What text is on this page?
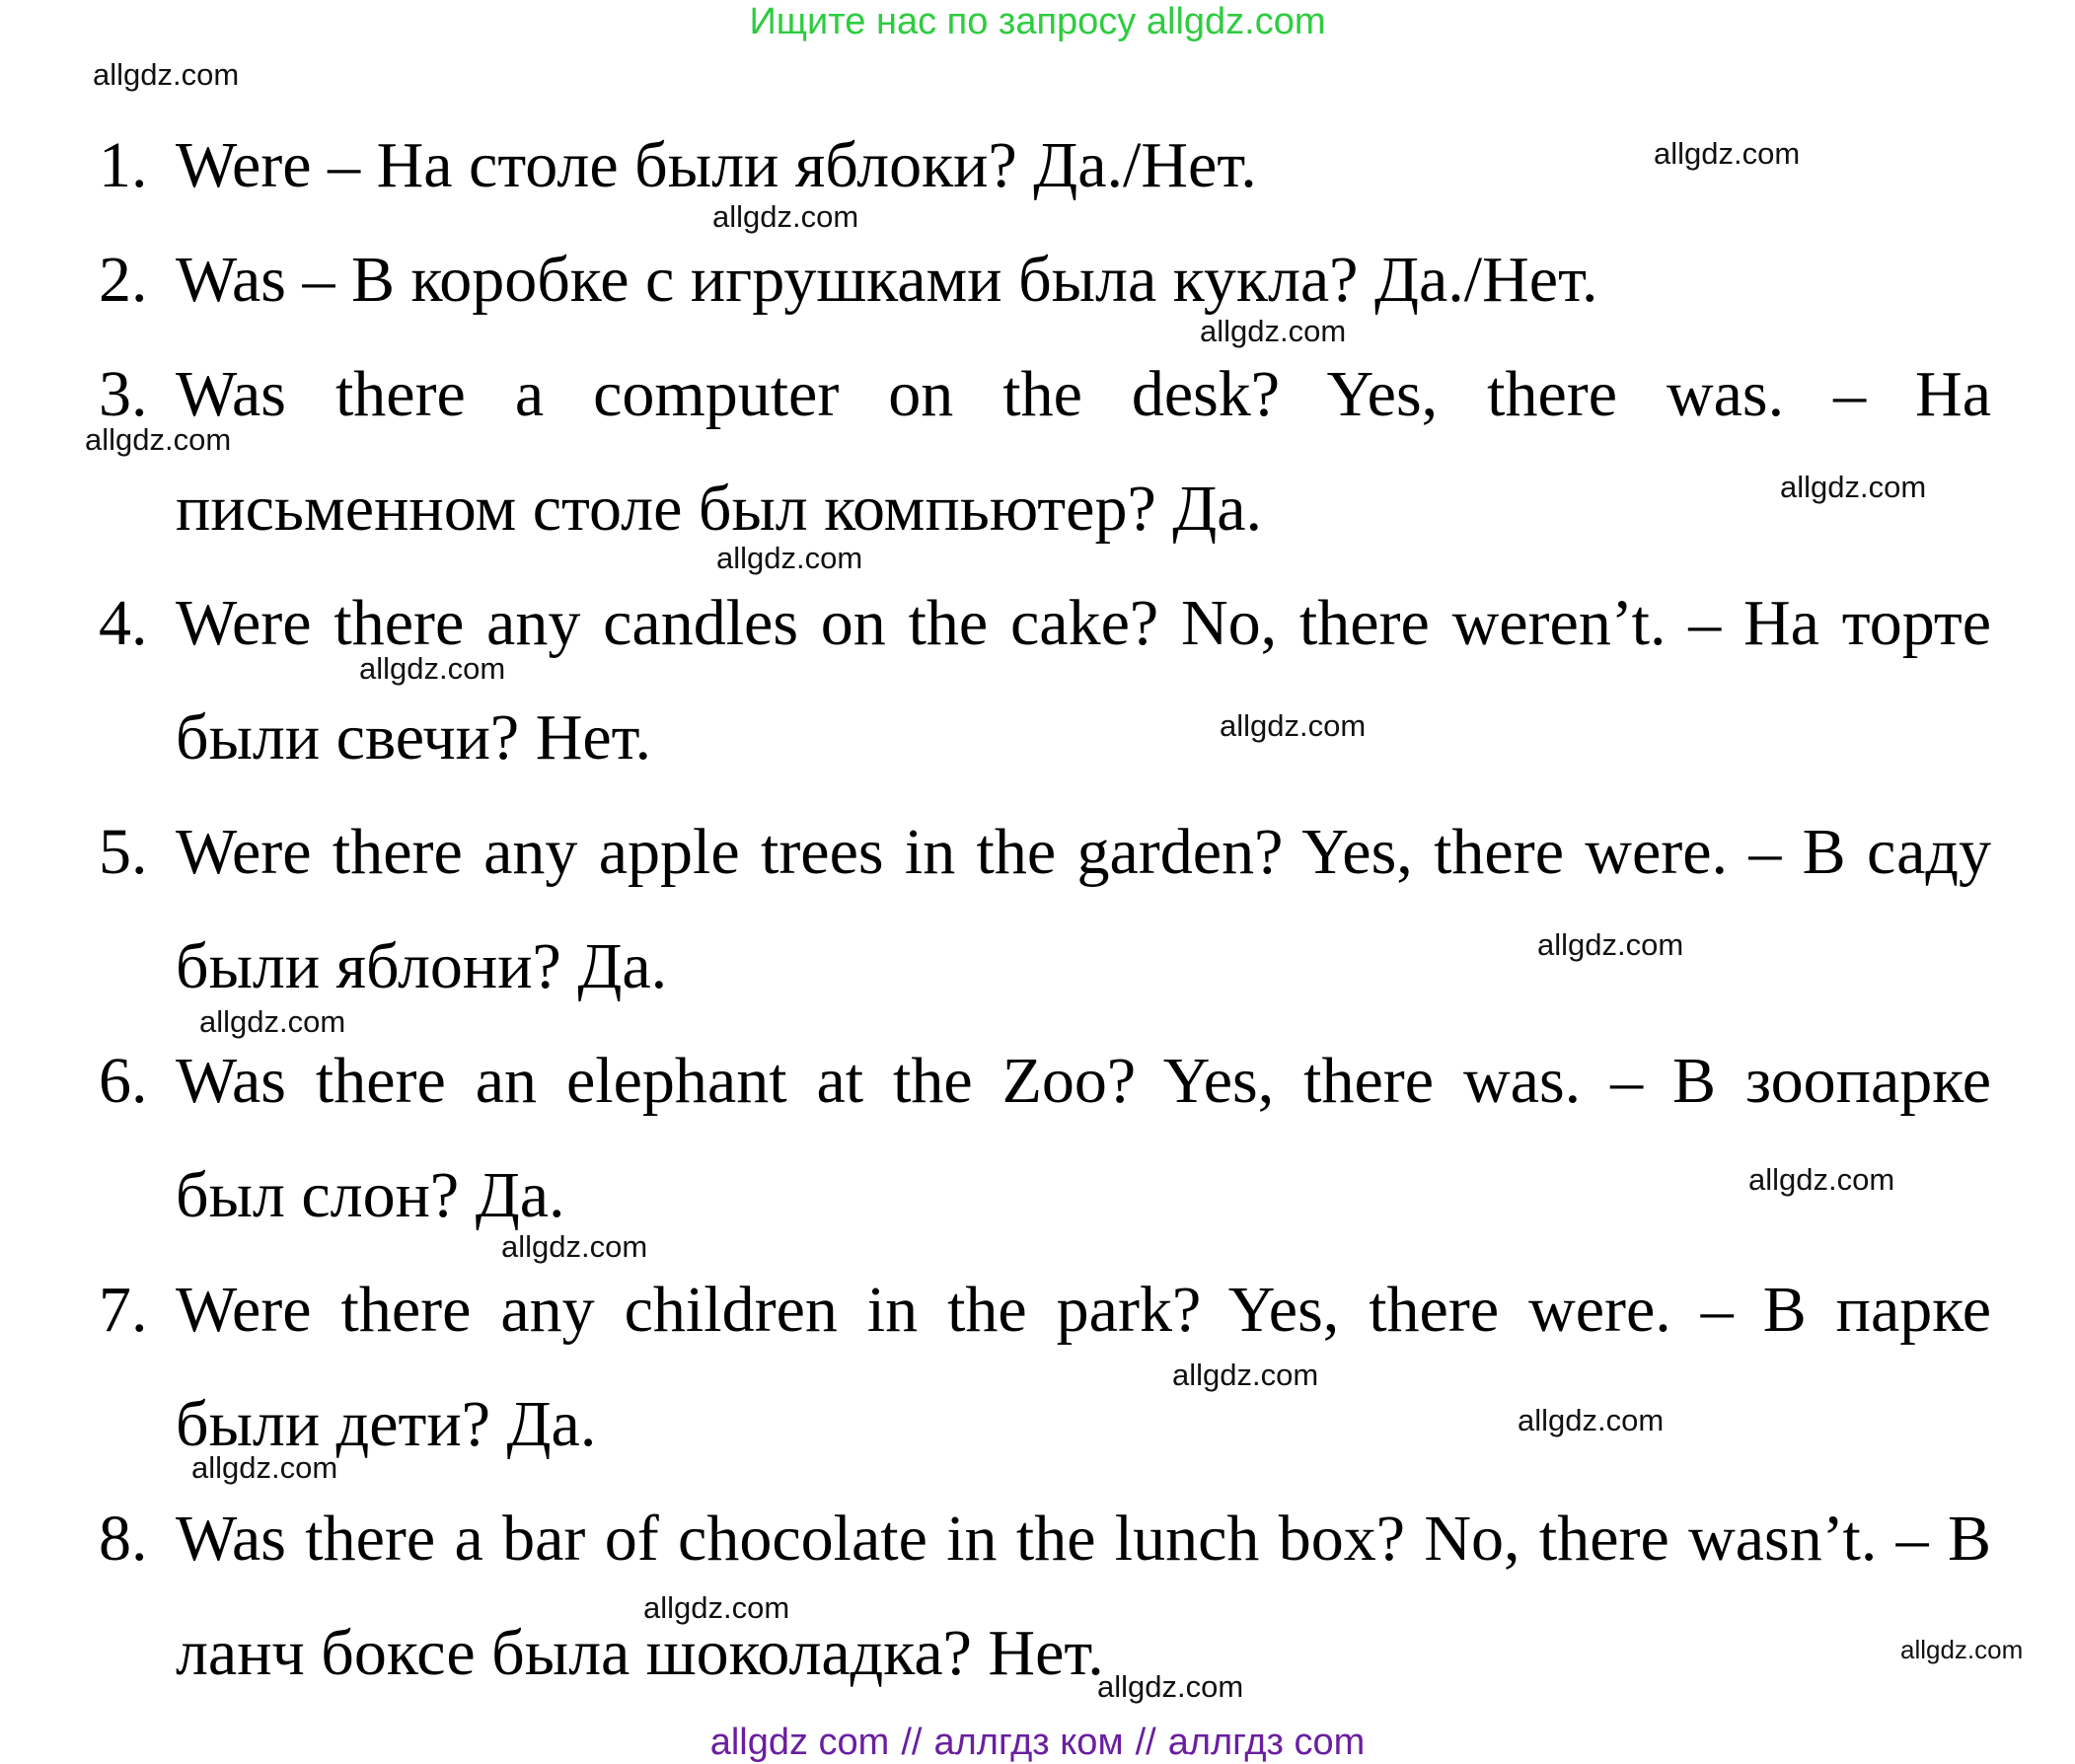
Ищите нас по запросу allgdz.com
1. Were – На столе были яблоки? Да./Нет.
2. Was – В коробке с игрушками была кукла? Да./Нет.
3. Was there a computer on the desk? Yes, there was. – На
письменном столе был компьютер? Да.
4. Were there any candles on the cake? No, there weren’t. – На торте
были свечи? Нет.
5. Were there any apple trees in the garden? Yes, there were. – В саду
были яблони? Да.
6. Was there an elephant at the Zoo? Yes, there was. – В зоопарке
был слон? Да.
7. Were there any children in the park? Yes, there were. – В парке
были дети? Да.
8. Was there a bar of chocolate in the lunch box? No, there wasn’t. – В
ланч боксе была шоколадка? Нет.
allgdz.com
allgdz.com
allgdz.com
allgdz.com
allgdz.com
allgdz.com
allgdz.com
allgdz.com
allgdz.com
allgdz.com
allgdz.com
allgdz.com
allgdz.com
allgdz.com
allgdz.com
allgdz.com
allgdz.com
allgdz.com
allgdz.com
allgdz com // аллгдз ком // аллгдз com
